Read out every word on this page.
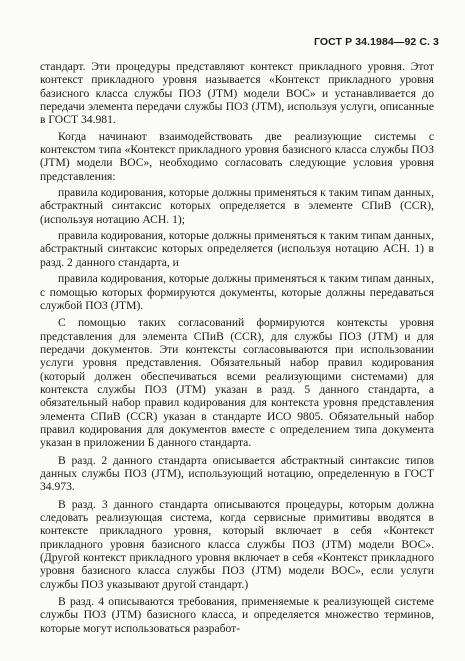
ГОСТ Р 34.1984—92 С. 3

стандарт. Эти процедуры представляют контекст прикладного уровня. Этот контекст прикладного уровня называется «Контекст прикладного уровня базисного класса службы ПОЗ (JTM) модели ВОС» и устанавливается до передачи элемента передачи службы ПОЗ (JTM), используя услуги, описанные в ГОСТ 34.981.

Когда начинают взаимодействовать две реализующие системы с контекстом типа «Контекст прикладного уровня базисного класса службы ПОЗ (JTM) модели ВОС», необходимо согласовать следующие условия уровня представления:

правила кодирования, которые должны применяться к таким типам данных, абстрактный синтаксис которых определяется в элементе СПиВ (CCR), (используя нотацию АСН. 1);

правила кодирования, которые должны применяться к таким типам данных, абстрактный синтаксис которых определяется (используя нотацию АСН. 1) в разд. 2 данного стандарта, и

правила кодирования, которые должны применяться к таким типам данных, с помощью которых формируются документы, которые должны передаваться службой ПОЗ (JTM).

С помощью таких согласований формируются контексты уровня представления для элемента СПиВ (CCR), для службы ПОЗ (JTM) и для передачи документов. Эти контексты согласовываются при использовании услуги уровня представления. Обязательный набор правил кодирования (который должен обеспечиваться всеми реализующими системами) для контекста службы ПОЗ (JTM) указан в разд. 5 данного стандарта, а обязательный набор правил кодирования для контекста уровня представления элемента СПиВ (CCR) указан в стандарте ИСО 9805. Обязательный набор правил кодирования для документов вместе с определением типа документа указан в приложении Б данного стандарта.

В разд. 2 данного стандарта описывается абстрактный синтаксис типов данных службы ПОЗ (JTM), использующий нотацию, определенную в ГОСТ 34.973.

В разд. 3 данного стандарта описываются процедуры, которым должна следовать реализующая система, когда сервисные примитивы вводятся в контексте прикладного уровня, который включает в себя «Контекст прикладного уровня базисного класса службы ПОЗ (JTM) модели ВОС». (Другой контекст прикладного уровня включает в себя «Контекст прикладного уровня базисного класса службы ПОЗ (JTM) модели ВОС», если услуги службы ПОЗ указывают другой стандарт.)

В разд. 4 описываются требования, применяемые к реализующей системе службы ПОЗ (JTM) базисного класса, и определяется множество терминов, которые могут использоваться разработ-
